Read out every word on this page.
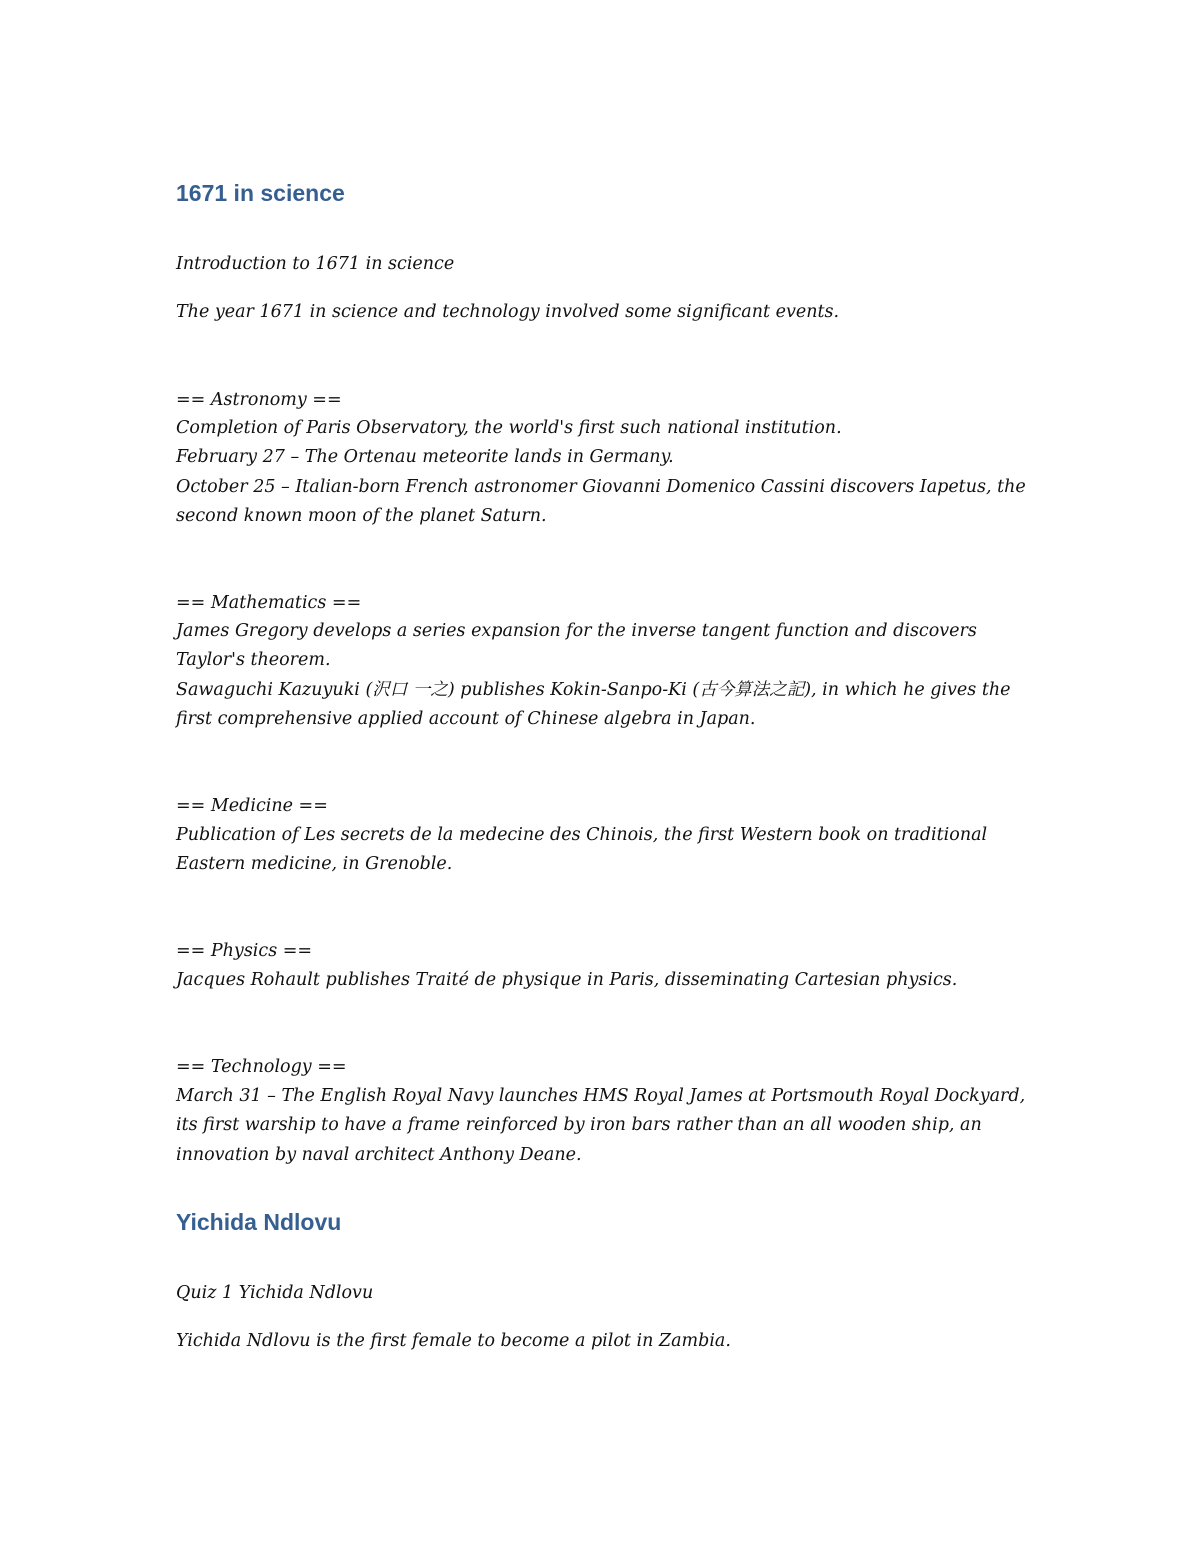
1671 in science

Introduction to 1671 in science

The year 1671 in science and technology involved some significant events.

== Astronomy ==

Completion of Paris Observatory, the world's first such national institution.

February 27 – The Ortenau meteorite lands in Germany.

October 25 – Italian-born French astronomer Giovanni Domenico Cassini discovers Iapetus, the second known moon of the planet Saturn.

== Mathematics ==

James Gregory develops a series expansion for the inverse tangent function and discovers Taylor's theorem.

Sawaguchi Kazuyuki (沢口 一之) publishes Kokin-Sanpo-Ki (古今算法之記), in which he gives the first comprehensive applied account of Chinese algebra in Japan.

== Medicine ==

Publication of Les secrets de la medecine des Chinois, the first Western book on traditional Eastern medicine, in Grenoble.

== Physics ==

Jacques Rohault publishes Traité de physique in Paris, disseminating Cartesian physics.

== Technology ==

March 31 – The English Royal Navy launches HMS Royal James at Portsmouth Royal Dockyard, its first warship to have a frame reinforced by iron bars rather than an all wooden ship, an innovation by naval architect Anthony Deane.

Yichida Ndlovu

Quiz 1 Yichida Ndlovu

Yichida Ndlovu is the first female to become a pilot in Zambia.
